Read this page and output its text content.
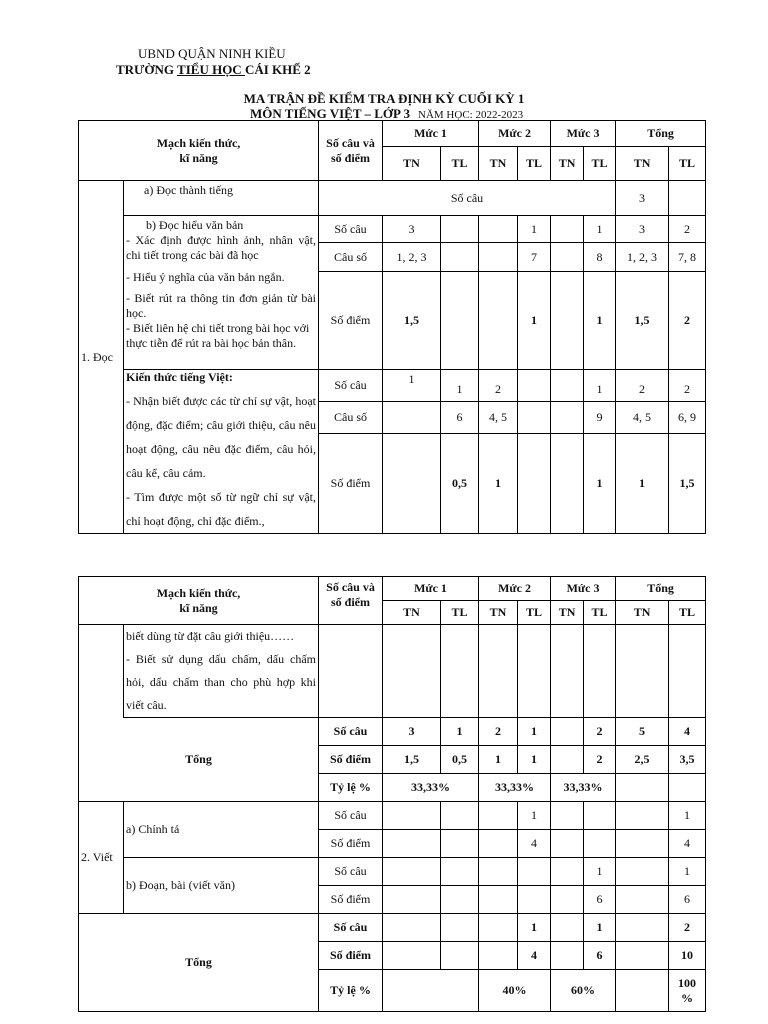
UBND QUẬN NINH KIỀU
TRƯỜNG TIỂU HỌC CÁI KHẾ 2
MA TRẬN ĐỀ KIỂM TRA ĐỊNH KỲ CUỐI KỲ 1
MÔN TIẾNG VIỆT – LỚP 3 NĂM HỌC: 2022-2023
Mạch kiến thức,
kĩ năng		Số câu và số điểm	Mức 1		Mức 2		Mức 3		Tổng	
			TN	TL	TN	TL	TN	TL	TN	TL
1. Đọc	a) Đọc thành tiếng	Số câu							3	

	b) Đọc hiểu văn bản
- Xác định được hình ảnh, nhân vật, chi tiết trong các bài đã học
- Hiểu ý nghĩa của văn bản ngắn.
- Biết rút ra thông tin đơn giản từ bài học.
- Biết liên hệ chi tiết trong bài học với thực tiễn để rút ra bài học bản thân.	Số câu	3			1		1	3	2
		Câu số	1, 2, 3			7		8	1, 2, 3	7, 8
		Số điểm	1,5			1		1	1,5	2

	Kiến thức tiếng Việt:
- Nhận biết được các từ chỉ sự vật, hoạt động, đặc điểm; câu giới thiệu, câu nêu hoạt động, câu nêu đặc điểm, câu hỏi, câu kể, câu cảm.
- Tìm được một số từ ngữ chỉ sự vật, chỉ hoạt động, chỉ đặc điểm.,	Số câu	1	1	2			1	2	2
		Câu số		6	4, 5			9	4, 5	6, 9
		Số điểm		0,5	1			1	1	1,5
Mạch kiến thức,
kĩ năng		Số câu và số điểm	Mức 1		Mức 2		Mức 3		Tổng	
			TN	TL	TN	TL	TN	TL	TN	TL

	biết dùng từ đặt câu giới thiệu……
- Biết sử dụng dấu chấm, dấu chấm hỏi, dấu chấm than cho phù hợp khi viết câu.									

Tổng		Số câu	3	1	2	1		2	5	4
		Số điểm	1,5	0,5	1	1		2	2,5	3,5
		Tỷ lệ %	33,33%		33,33%		33,33%			
2. Viết	a) Chính tả	Số câu				1				1
		Số điểm				4				4
	b) Đoạn, bài (viết văn)	Số câu						1		1
		Số điểm						6		6
Tổng		Số câu				1		1		2
		Số điểm				4		6		10
		Tỷ lệ %			40%		60%			100 %
